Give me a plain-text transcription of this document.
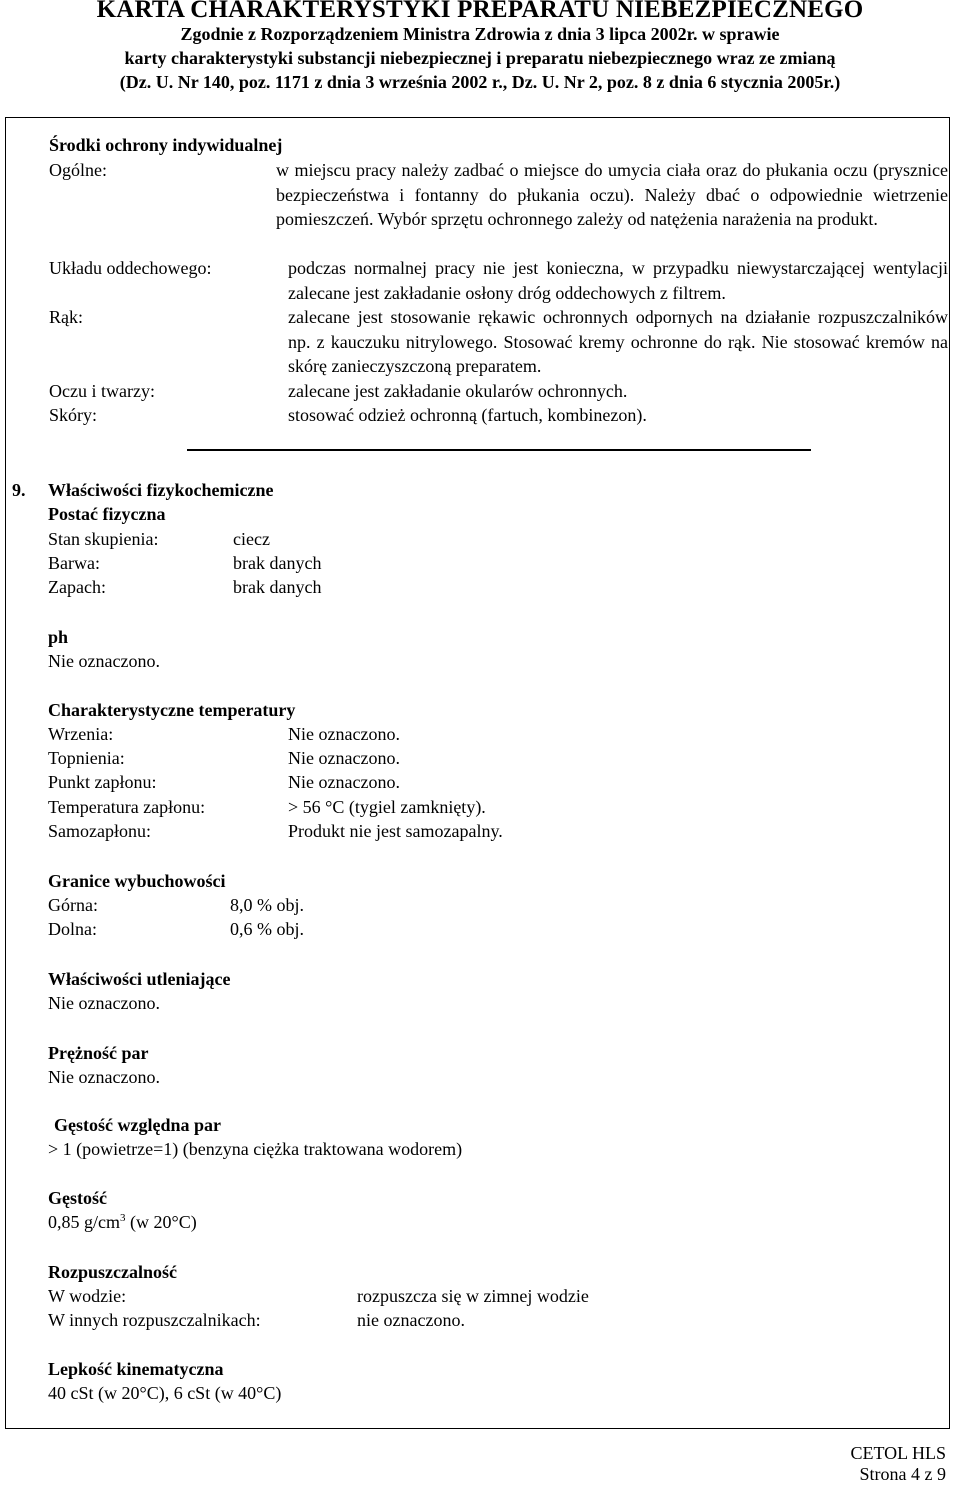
KARTA CHARAKTERYSTYKI PREPARATU NIEBEZPIECZNEGO
Zgodnie z Rozporządzeniem Ministra Zdrowia z dnia 3 lipca 2002r. w sprawie
karty charakterystyki substancji niebezpiecznej i preparatu niebezpiecznego wraz ze zmianą
(Dz. U. Nr 140, poz. 1171 z dnia 3 września 2002 r., Dz. U. Nr 2, poz. 8 z dnia 6 stycznia 2005r.)
Środki ochrony indywidualnej
Ogólne:	w miejscu pracy należy zadbać o miejsce do umycia ciała oraz do płukania oczu (prysznice bezpieczeństwa i fontanny do płukania oczu). Należy dbać o odpowiednie wietrzenie pomieszczeń. Wybór sprzętu ochronnego zależy od natężenia narażenia na produkt.
Układu oddechowego:	podczas normalnej pracy nie jest konieczna, w przypadku niewystarczającej wentylacji zalecane jest zakładanie osłony dróg oddechowych z filtrem.
Rąk:	zalecane jest stosowanie rękawic ochronnych odpornych na działanie rozpuszczalników np. z kauczuku nitrylowego. Stosować kremy ochronne do rąk. Nie stosować kremów na skórę zanieczyszczoną preparatem.
Oczu i twarzy:	zalecane jest zakładanie okularów ochronnych.
Skóry:	stosować odzież ochronną (fartuch, kombinezon).
9. Właściwości fizykochemiczne
Postać fizyczna
Stan skupienia:	ciecz
Barwa:	brak danych
Zapach:	brak danych
ph
Nie oznaczono.
Charakterystyczne temperatury
Wrzenia:	Nie oznaczono.
Topnienia:	Nie oznaczono.
Punkt zapłonu:	Nie oznaczono.
Temperatura zapłonu:	> 56 °C (tygiel zamknięty).
Samozapłonu:	Produkt nie jest samozapalny.
Granice wybuchowości
Górna:	8,0 % obj.
Dolna:	0,6 % obj.
Właściwości utleniające
Nie oznaczono.
Prężność par
Nie oznaczono.
Gęstość względna par
> 1 (powietrze=1) (benzyna ciężka traktowana wodorem)
Gęstość
0,85 $g/cm^3$ (w 20°C)
Rozpuszczalność
W wodzie:	rozpuszcza się w zimnej wodzie
W innych rozpuszczalnikach:	nie oznaczono.
Lepkość kinematyczna
40 cSt (w 20°C), 6 cSt (w 40°C)
CETOL HLS
Strona 4 z 9
